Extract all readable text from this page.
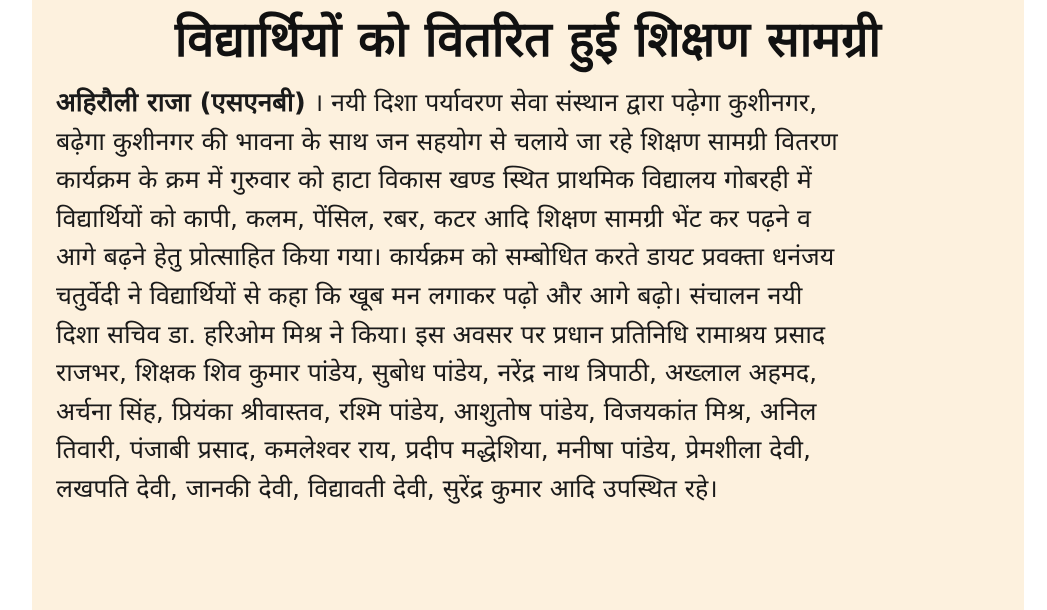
विद्यार्थियों को वितरित हुई शिक्षण सामग्री
अहिरौली राजा (एसएनबी) । नयी दिशा पर्यावरण सेवा संस्थान द्वारा पढ़ेगा कुशीनगर,
बढ़ेगा कुशीनगर की भावना के साथ जन सहयोग से चलाये जा रहे शिक्षण सामग्री वितरण
कार्यक्रम के क्रम में गुरुवार को हाटा विकास खण्ड स्थित प्राथमिक विद्यालय गोबरही में
विद्यार्थियों को कापी, कलम, पेंसिल, रबर, कटर आदि शिक्षण सामग्री भेंट कर पढ़ने व
आगे बढ़ने हेतु प्रोत्साहित किया गया। कार्यक्रम को सम्बोधित करते डायट प्रवक्ता धनंजय
चतुर्वेदी ने विद्यार्थियों से कहा कि खूब मन लगाकर पढ़ो और आगे बढ़ो। संचालन नयी
दिशा सचिव डा. हरिओम मिश्र ने किया। इस अवसर पर प्रधान प्रतिनिधि रामाश्रय प्रसाद
राजभर, शिक्षक शिव कुमार पांडेय, सुबोध पांडेय, नरेंद्र नाथ त्रिपाठी, अख्लाल अहमद,
अर्चना सिंह, प्रियंका श्रीवास्तव, रश्मि पांडेय, आशुतोष पांडेय, विजयकांत मिश्र, अनिल
तिवारी, पंजाबी प्रसाद, कमलेश्वर राय, प्रदीप मद्धेशिया, मनीषा पांडेय, प्रेमशीला देवी,
लखपति देवी, जानकी देवी, विद्यावती देवी, सुरेंद्र कुमार आदि उपस्थित रहे।
